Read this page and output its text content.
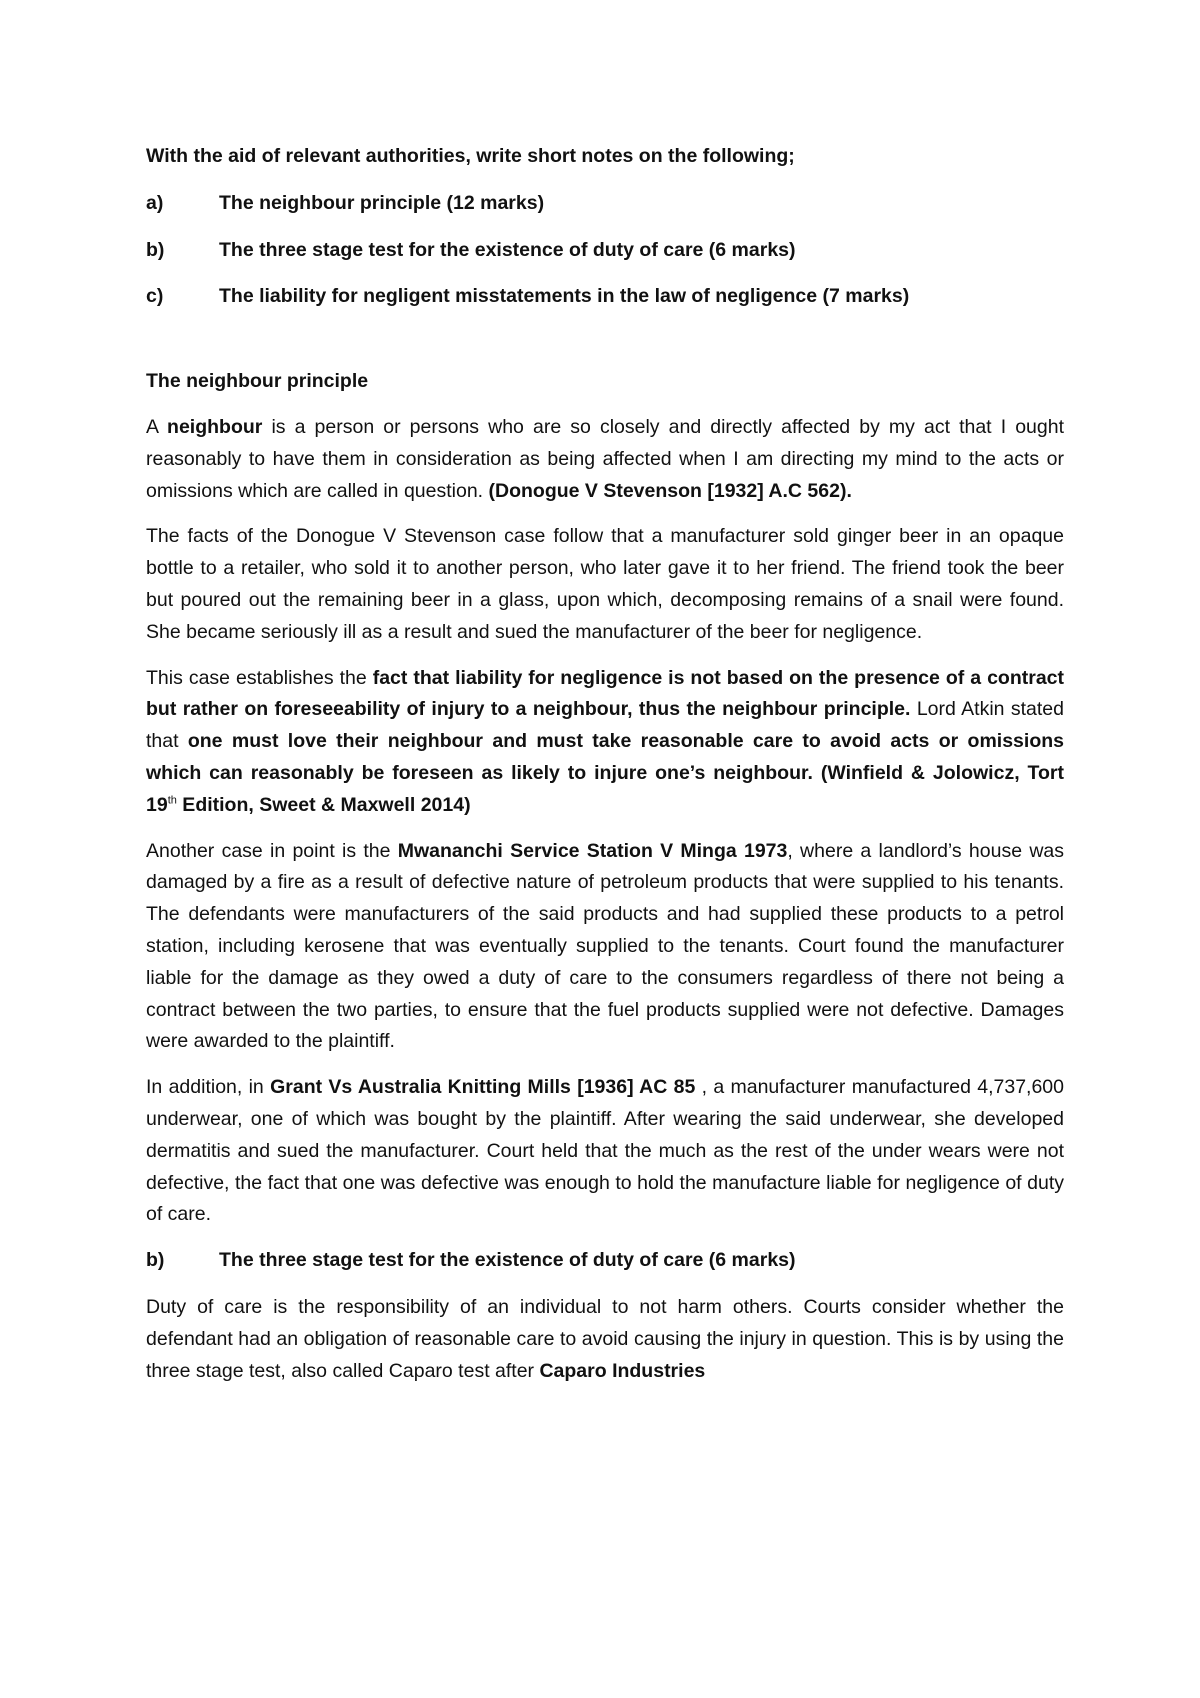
With the aid of relevant authorities, write short notes on the following;

a)	The neighbour principle (12 marks)
b)	The three stage test for the existence of duty of care (6 marks)
c)	The liability for negligent misstatements in the law of negligence (7 marks)

The neighbour principle

A neighbour is a person or persons who are so closely and directly affected by my act that I ought reasonably to have them in consideration as being affected when I am directing my mind to the acts or omissions which are called in question. (Donogue V Stevenson [1932] A.C 562).

The facts of the Donogue V Stevenson case follow that a manufacturer sold ginger beer in an opaque bottle to a retailer, who sold it to another person, who later gave it to her friend. The friend took the beer but poured out the remaining beer in a glass, upon which, decomposing remains of a snail were found. She became seriously ill as a result and sued the manufacturer of the beer for negligence.

This case establishes the fact that liability for negligence is not based on the presence of a contract but rather on foreseeability of injury to a neighbour, thus the neighbour principle. Lord Atkin stated that one must love their neighbour and must take reasonable care to avoid acts or omissions which can reasonably be foreseen as likely to injure one’s neighbour. (Winfield & Jolowicz, Tort 19th Edition, Sweet & Maxwell 2014)

Another case in point is the Mwananchi Service Station V Minga 1973, where a landlord’s house was damaged by a fire as a result of defective nature of petroleum products that were supplied to his tenants. The defendants were manufacturers of the said products and had supplied these products to a petrol station, including kerosene that was eventually supplied to the tenants. Court found the manufacturer liable for the damage as they owed a duty of care to the consumers regardless of there not being a contract between the two parties, to ensure that the fuel products supplied were not defective. Damages were awarded to the plaintiff.

In addition, in Grant Vs Australia Knitting Mills [1936] AC 85 , a manufacturer manufactured 4,737,600 underwear, one of which was bought by the plaintiff. After wearing the said underwear, she developed dermatitis and sued the manufacturer. Court held that the much as the rest of the under wears were not defective, the fact that one was defective was enough to hold the manufacture liable for negligence of duty of care.

b)	The three stage test for the existence of duty of care (6 marks)

Duty of care is the responsibility of an individual to not harm others. Courts consider whether the defendant had an obligation of reasonable care to avoid causing the injury in question. This is by using the three stage test, also called Caparo test after Caparo Industries
